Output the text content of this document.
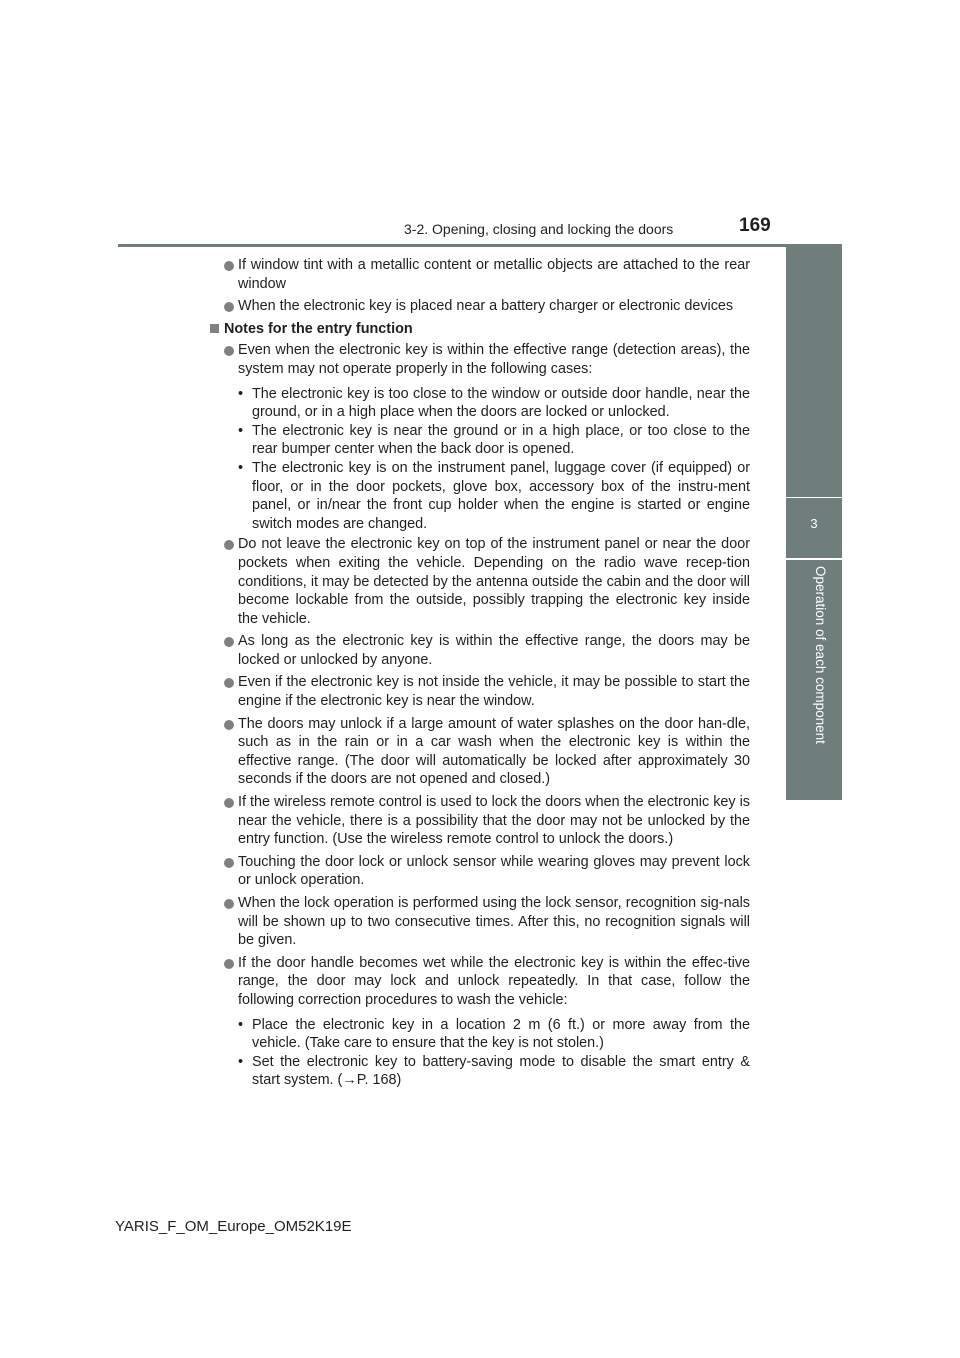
3-2. Opening, closing and locking the doors	169
3
Operation of each component
If window tint with a metallic content or metallic objects are attached to the rear window
When the electronic key is placed near a battery charger or electronic devices
Notes for the entry function
Even when the electronic key is within the effective range (detection areas), the system may not operate properly in the following cases:
• The electronic key is too close to the window or outside door handle, near the ground, or in a high place when the doors are locked or unlocked.
• The electronic key is near the ground or in a high place, or too close to the rear bumper center when the back door is opened.
• The electronic key is on the instrument panel, luggage cover (if equipped) or floor, or in the door pockets, glove box, accessory box of the instru-ment panel, or in/near the front cup holder when the engine is started or engine switch modes are changed.
Do not leave the electronic key on top of the instrument panel or near the door pockets when exiting the vehicle. Depending on the radio wave recep-tion conditions, it may be detected by the antenna outside the cabin and the door will become lockable from the outside, possibly trapping the electronic key inside the vehicle.
As long as the electronic key is within the effective range, the doors may be locked or unlocked by anyone.
Even if the electronic key is not inside the vehicle, it may be possible to start the engine if the electronic key is near the window.
The doors may unlock if a large amount of water splashes on the door han-dle, such as in the rain or in a car wash when the electronic key is within the effective range. (The door will automatically be locked after approximately 30 seconds if the doors are not opened and closed.)
If the wireless remote control is used to lock the doors when the electronic key is near the vehicle, there is a possibility that the door may not be unlocked by the entry function. (Use the wireless remote control to unlock the doors.)
Touching the door lock or unlock sensor while wearing gloves may prevent lock or unlock operation.
When the lock operation is performed using the lock sensor, recognition sig-nals will be shown up to two consecutive times. After this, no recognition signals will be given.
If the door handle becomes wet while the electronic key is within the effec-tive range, the door may lock and unlock repeatedly. In that case, follow the following correction procedures to wash the vehicle:
• Place the electronic key in a location 2 m (6 ft.) or more away from the vehicle. (Take care to ensure that the key is not stolen.)
• Set the electronic key to battery-saving mode to disable the smart entry & start system. (→P. 168)
YARIS_F_OM_Europe_OM52K19E
